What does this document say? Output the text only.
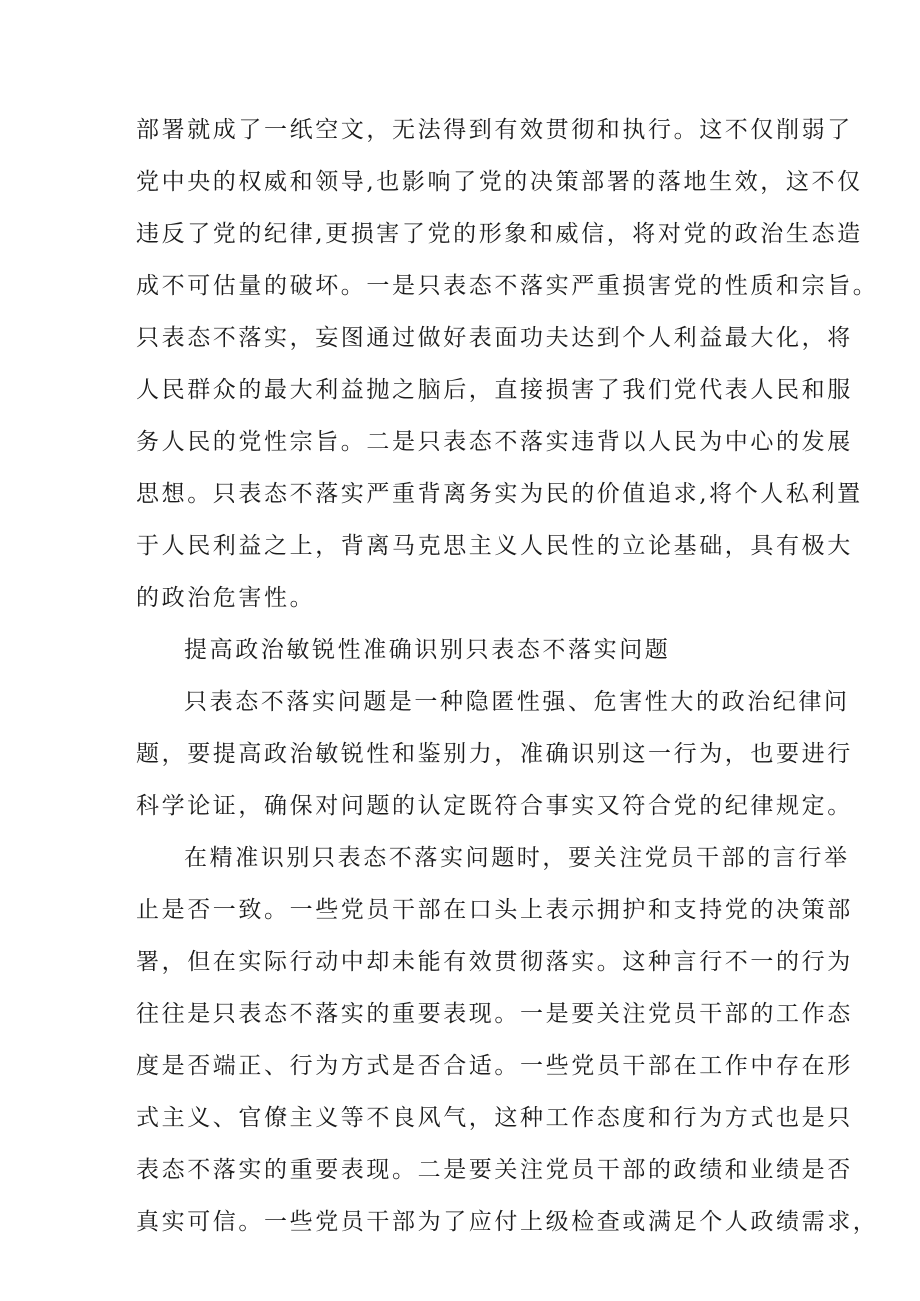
部署就成了一纸空文，无法得到有效贯彻和执行。这不仅削弱了
党中央的权威和领导,也影响了党的决策部署的落地生效，这不仅
违反了党的纪律,更损害了党的形象和威信，将对党的政治生态造
成不可估量的破坏。一是只表态不落实严重损害党的性质和宗旨。
只表态不落实，妄图通过做好表面功夫达到个人利益最大化，将
人民群众的最大利益抛之脑后，直接损害了我们党代表人民和服
务人民的党性宗旨。二是只表态不落实违背以人民为中心的发展
思想。只表态不落实严重背离务实为民的价值追求,将个人私利置
于人民利益之上，背离马克思主义人民性的立论基础，具有极大
的政治危害性。
提高政治敏锐性准确识别只表态不落实问题
只表态不落实问题是一种隐匿性强、危害性大的政治纪律问
题，要提高政治敏锐性和鉴别力，准确识别这一行为，也要进行
科学论证，确保对问题的认定既符合事实又符合党的纪律规定。
在精准识别只表态不落实问题时，要关注党员干部的言行举
止是否一致。一些党员干部在口头上表示拥护和支持党的决策部
署，但在实际行动中却未能有效贯彻落实。这种言行不一的行为
往往是只表态不落实的重要表现。一是要关注党员干部的工作态
度是否端正、行为方式是否合适。一些党员干部在工作中存在形
式主义、官僚主义等不良风气，这种工作态度和行为方式也是只
表态不落实的重要表现。二是要关注党员干部的政绩和业绩是否
真实可信。一些党员干部为了应付上级检查或满足个人政绩需求，
